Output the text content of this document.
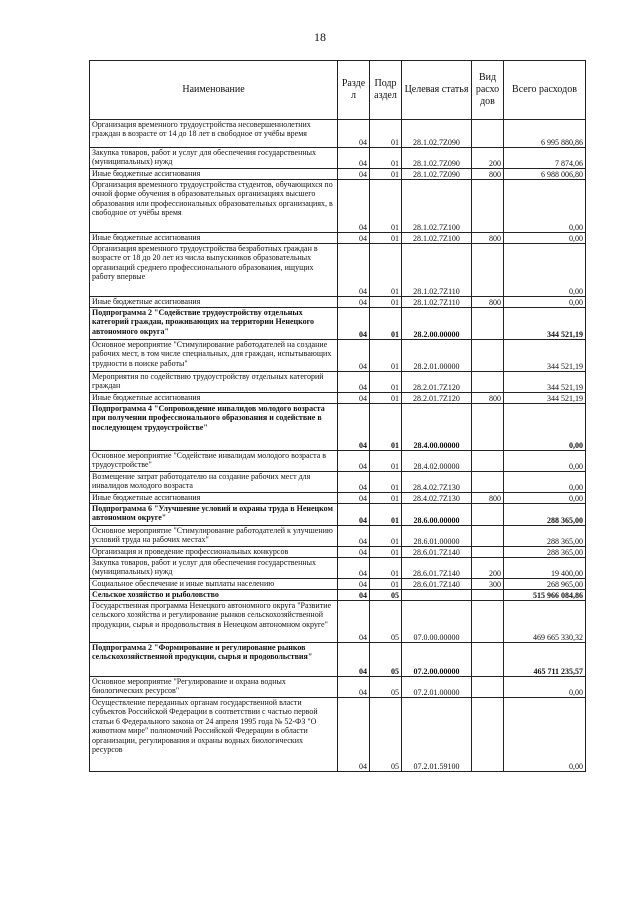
18
Наименование	Разде л	Подр аздел	Целевая статья	Вид расхо дов	Всего расходов
Организация временного трудоустройства несовершеннолетних граждан в возрасте от 14 до 18 лет в свободное от учёбы время	04	01	28.1.02.7Z090		6 995 880,86
Закупка товаров, работ и услуг для обеспечения государственных (муниципальных) нужд	04	01	28.1.02.7Z090	200	7 874,06
Иные бюджетные ассигнования	04	01	28.1.02.7Z090	800	6 988 006,80
Организация временного трудоустройства студентов, обучающихся по очной форме обучения в образовательных организациях высшего образования или профессиональных образовательных организациях, в свободное от учёбы время	04	01	28.1.02.7Z100		0,00
Иные бюджетные ассигнования	04	01	28.1.02.7Z100	800	0,00
Организация временного трудоустройства безработных граждан в возрасте от 18 до 20 лет из числа выпускников образовательных организаций среднего профессионального образования, ищущих работу впервые	04	01	28.1.02.7Z110		0,00
Иные бюджетные ассигнования	04	01	28.1.02.7Z110	800	0,00
Подпрограмма 2 "Содействие трудоустройству отдельных категорий граждан, проживающих на территории Ненецкого автономного округа"	04	01	28.2.00.00000		344 521,19
Основное мероприятие "Стимулирование работодателей на создание рабочих мест, в том числе специальных, для граждан, испытывающих трудности в поиске работы"	04	01	28.2.01.00000		344 521,19
Мероприятия по содействию трудоустройству отдельных категорий граждан	04	01	28.2.01.7Z120		344 521,19
Иные бюджетные ассигнования	04	01	28.2.01.7Z120	800	344 521,19
Подпрограмма 4 "Сопровождение инвалидов молодого возраста при получении профессионального образования и содействие в последующем трудоустройстве"	04	01	28.4.00.00000		0,00
Основное мероприятие "Содействие инвалидам молодого возраста в трудоустройстве"	04	01	28.4.02.00000		0,00
Возмещение затрат работодателю на создание рабочих мест для инвалидов молодого возраста	04	01	28.4.02.7Z130		0,00
Иные бюджетные ассигнования	04	01	28.4.02.7Z130	800	0,00
Подпрограмма 6 "Улучшение условий и охраны труда в Ненецком автономном округе"	04	01	28.6.00.00000		288 365,00
Основное мероприятие "Стимулирование работодателей к улучшению условий труда на рабочих местах"	04	01	28.6.01.00000		288 365,00
Организация и проведение профессиональных конкурсов	04	01	28.6.01.7Z140		288 365,00
Закупка товаров, работ и услуг для обеспечения государственных (муниципальных) нужд	04	01	28.6.01.7Z140	200	19 400,00
Социальное обеспечение и иные выплаты населению	04	01	28.6.01.7Z140	300	268 965,00
Сельское хозяйство и рыболовство	04	05			515 966 084,86
Государственная программа Ненецкого автономного округа "Развитие сельского хозяйства и регулирование рынков сельскохозяйственной продукции, сырья и продовольствия в Ненецком автономном округе"	04	05	07.0.00.00000		469 665 330,32
Подпрограмма 2 "Формирование и регулирование рынков сельскохозяйственной продукции, сырья и продовольствия"	04	05	07.2.00.00000		465 711 235,57
Основное мероприятие "Регулирование и охрана водных биологических ресурсов"	04	05	07.2.01.00000		0,00
Осуществление переданных органам государственной власти субъектов Российской Федерации в соответствии с частью первой статьи 6 Федерального закона от 24 апреля 1995 года № 52-ФЗ "О животном мире" полномочий Российской Федерации в области организации, регулирования и охраны водных биологических ресурсов	04	05	07.2.01.59100		0,00
